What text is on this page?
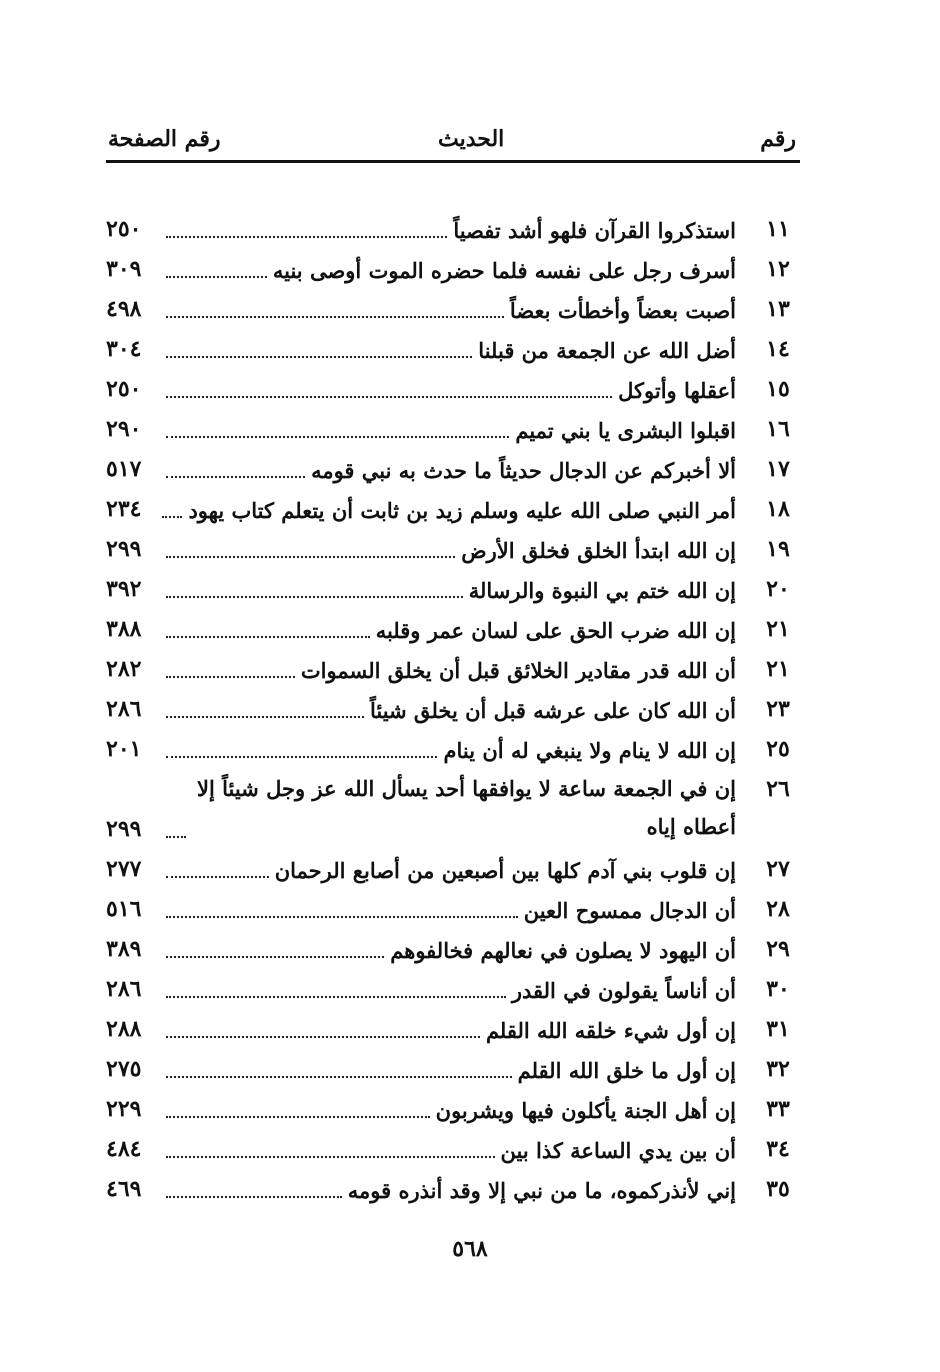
رقم
الحديث
رقم الصفحة
١١
استذكروا القرآن فلهو أشد تفصياً
٢٥٠
١٢
أسرف رجل على نفسه فلما حضره الموت أوصى بنيه
٣٠٩
١٣
أصبت بعضاً وأخطأت بعضاً
٤٩٨
١٤
أضل الله عن الجمعة من قبلنا
٣٠٤
١٥
أعقلها وأتوكل
٢٥٠
١٦
اقبلوا البشرى يا بني تميم
٢٩٠
١٧
ألا أخبركم عن الدجال حديثاً ما حدث به نبي قومه
٥١٧
١٨
أمر النبي صلى الله عليه وسلم زيد بن ثابت أن يتعلم كتاب يهود
٢٣٤
١٩
إن الله ابتدأ الخلق فخلق الأرض
٢٩٩
٢٠
إن الله ختم بي النبوة والرسالة
٣٩٢
٢١
إن الله ضرب الحق على لسان عمر وقلبه
٣٨٨
٢١
أن الله قدر مقادير الخلائق قبل أن يخلق السموات
٢٨٢
٢٣
أن الله كان على عرشه قبل أن يخلق شيئاً
٢٨٦
٢٥
إن الله لا ينام ولا ينبغي له أن ينام
٢٠١
٢٦
إن في الجمعة ساعة لا يوافقها أحد يسأل الله عز وجل شيئاً إلا أعطاه إياه
٢٩٩
٢٧
إن قلوب بني آدم كلها بين أصبعين من أصابع الرحمان
٢٧٧
٢٨
أن الدجال ممسوح العين
٥١٦
٢٩
أن اليهود لا يصلون في نعالهم فخالفوهم
٣٨٩
٣٠
أن أناساً يقولون في القدر
٢٨٦
٣١
إن أول شيء خلقه الله القلم
٢٨٨
٣٢
إن أول ما خلق الله القلم
٢٧٥
٣٣
إن أهل الجنة يأكلون فيها ويشربون
٢٢٩
٣٤
أن بين يدي الساعة كذا بين
٤٨٤
٣٥
إني لأنذركموه، ما من نبي إلا وقد أنذره قومه
٤٦٩
٥٦٨
